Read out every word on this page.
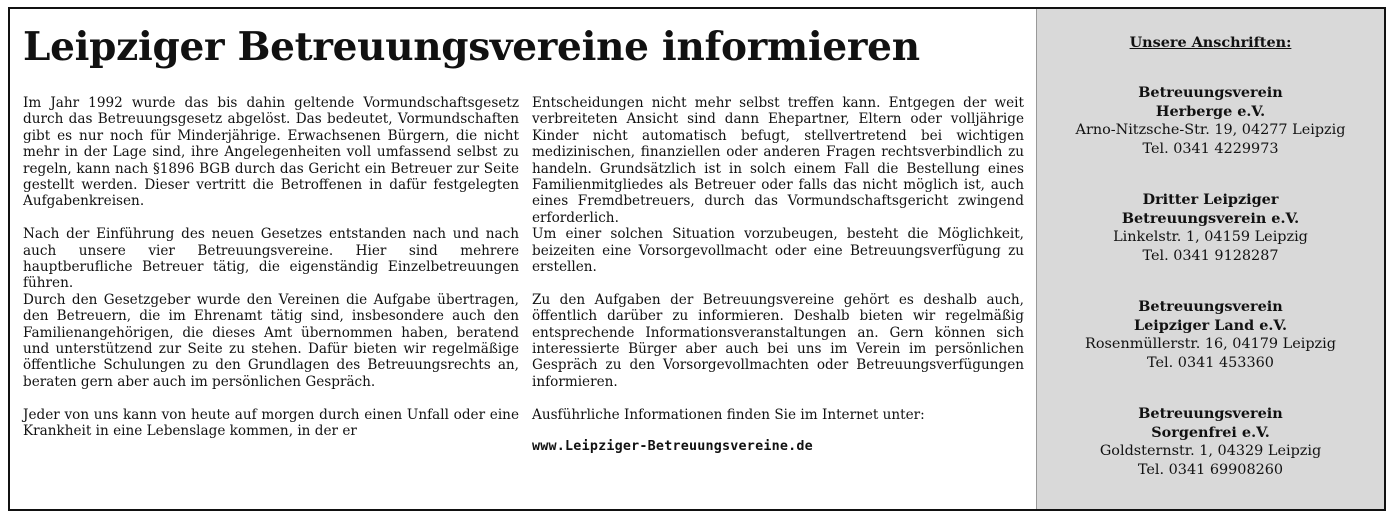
Leipziger Betreuungsvereine informieren

Im Jahr 1992 wurde das bis dahin geltende Vormundschaftsgesetz durch das Betreuungsgesetz abgelöst. Das bedeutet, Vormundschaften gibt es nur noch für Minderjährige. Erwachsenen Bürgern, die nicht mehr in der Lage sind, ihre Angelegenheiten voll umfassend selbst zu regeln, kann nach §1896 BGB durch das Gericht ein Betreuer zur Seite gestellt werden. Dieser vertritt die Betroffenen in dafür festgelegten Aufgabenkreisen.

Nach der Einführung des neuen Gesetzes entstanden nach und nach auch unsere vier Betreuungsvereine. Hier sind mehrere hauptberufliche Betreuer tätig, die eigenständig Einzelbetreuungen führen.

Durch den Gesetzgeber wurde den Vereinen die Aufgabe übertragen, den Betreuern, die im Ehrenamt tätig sind, insbesondere auch den Familienangehörigen, die dieses Amt übernommen haben, beratend und unterstützend zur Seite zu stehen. Dafür bieten wir regelmäßige öffentliche Schulungen zu den Grundlagen des Betreuungsrechts an, beraten gern aber auch im persönlichen Gespräch.

Jeder von uns kann von heute auf morgen durch einen Unfall oder eine Krankheit in eine Lebenslage kommen, in der er

Entscheidungen nicht mehr selbst treffen kann. Entgegen der weit verbreiteten Ansicht sind dann Ehepartner, Eltern oder volljährige Kinder nicht automatisch befugt, stellvertretend bei wichtigen medizinischen, finanziellen oder anderen Fragen rechtsverbindlich zu handeln. Grundsätzlich ist in solch einem Fall die Bestellung eines Familienmitgliedes als Betreuer oder falls das nicht möglich ist, auch eines Fremdbetreuers, durch das Vormundschaftsgericht zwingend erforderlich.

Um einer solchen Situation vorzubeugen, besteht die Möglichkeit, beizeiten eine Vorsorgevollmacht oder eine Betreuungsverfügung zu erstellen.

Zu den Aufgaben der Betreuungsvereine gehört es deshalb auch, öffentlich darüber zu informieren. Deshalb bieten wir regelmäßig entsprechende Informationsveranstaltungen an. Gern können sich interessierte Bürger aber auch bei uns im Verein im persönlichen Gespräch zu den Vorsorgevollmachten oder Betreuungsverfügungen informieren.

Ausführliche Informationen finden Sie im Internet unter:

www.Leipziger-Betreuungsvereine.de

Unsere Anschriften:
Betreuungsverein
Herberge e.V.
Arno-Nitzsche-Str. 19, 04277 Leipzig
Tel. 0341 4229973
Dritter Leipziger
Betreuungsverein e.V.
Linkelstr. 1, 04159 Leipzig
Tel. 0341 9128287
Betreuungsverein
Leipziger Land e.V.
Rosenmüllerstr. 16, 04179 Leipzig
Tel. 0341 453360
Betreuungsverein
Sorgenfrei e.V.
Goldsternstr. 1, 04329 Leipzig
Tel. 0341 69908260
